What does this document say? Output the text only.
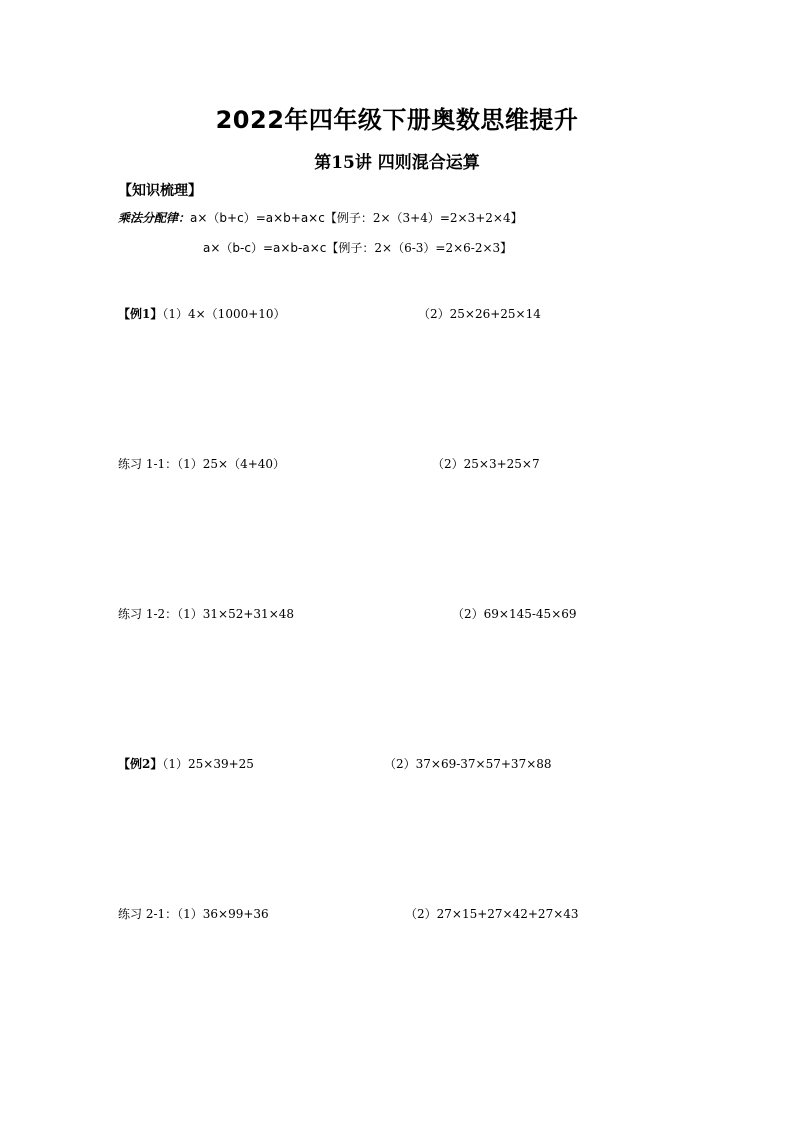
2022年四年级下册奥数思维提升
第15讲 四则混合运算
【知识梳理】
乘法分配律：a×（b+c）=a×b+a×c【例子：2×（3+4）=2×3+2×4】
a×（b-c）=a×b-a×c【例子：2×（6-3）=2×6-2×3】
【例1】（1）4×（1000+10）	（2）25×26+25×14
练习 1-1：（1）25×（4+40）	（2）25×3+25×7
练习 1-2：（1）31×52+31×48	（2）69×145-45×69
【例2】（1）25×39+25	（2）37×69-37×57+37×88
练习 2-1：（1）36×99+36	（2）27×15+27×42+27×43
